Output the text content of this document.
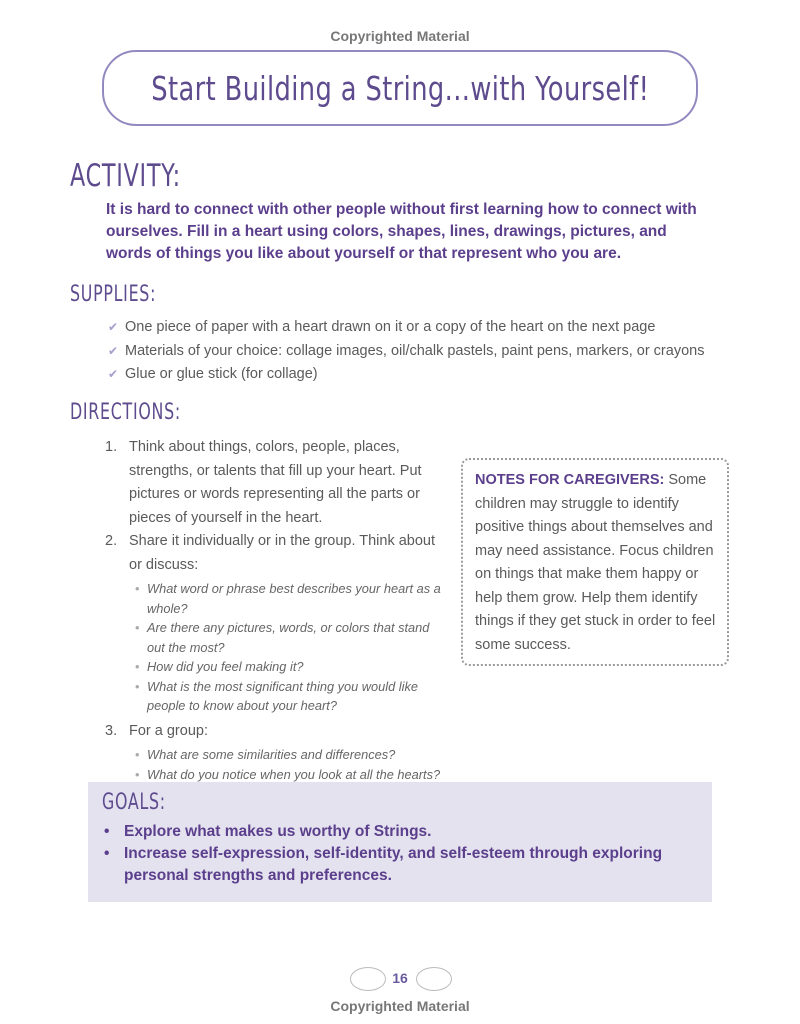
Copyrighted Material
Start Building a String...with Yourself!
ACTIVITY:
It is hard to connect with other people without first learning how to connect with ourselves. Fill in a heart using colors, shapes, lines, drawings, pictures, and words of things you like about yourself or that represent who you are.
SUPPLIES:
✔ One piece of paper with a heart drawn on it or a copy of the heart on the next page
✔ Materials of your choice: collage images, oil/chalk pastels, paint pens, markers, or crayons
✔ Glue or glue stick (for collage)
DIRECTIONS:
1. Think about things, colors, people, places, strengths, or talents that fill up your heart. Put pictures or words representing all the parts or pieces of yourself in the heart.
2. Share it individually or in the group. Think about or discuss:
• What word or phrase best describes your heart as a whole?
• Are there any pictures, words, or colors that stand out the most?
• How did you feel making it?
• What is the most significant thing you would like people to know about your heart?
3. For a group:
• What are some similarities and differences?
• What do you notice when you look at all the hearts?
NOTES FOR CAREGIVERS: Some children may struggle to identify positive things about themselves and may need assistance. Focus children on things that make them happy or help them grow. Help them identify things if they get stuck in order to feel some success.
GOALS:
• Explore what makes us worthy of Strings.
• Increase self-expression, self-identity, and self-esteem through exploring personal strengths and preferences.
16
Copyrighted Material
